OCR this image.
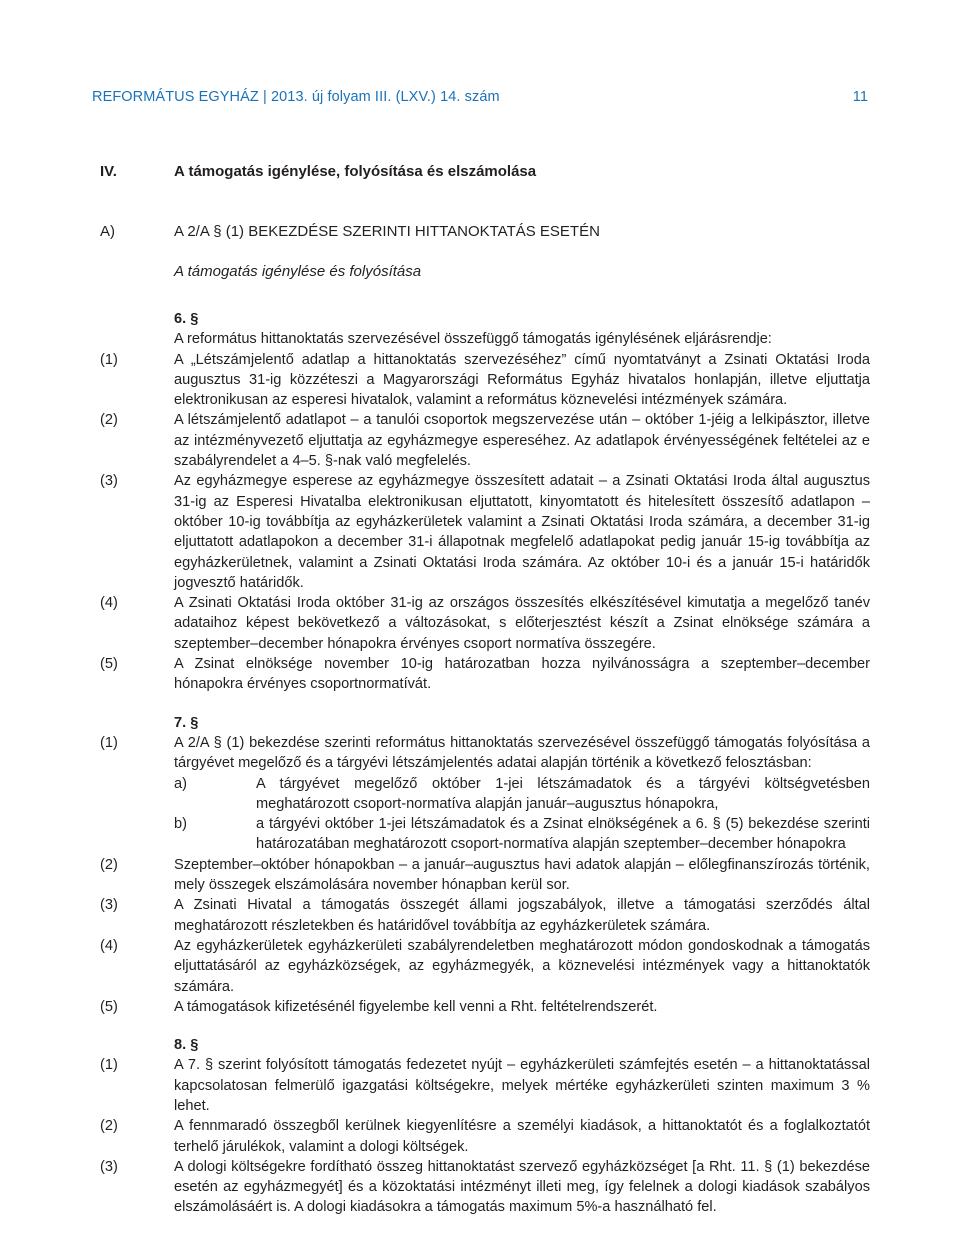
REFORMÁTUS EGYHÁZ | 2013. új folyam III. (LXV.) 14. szám	11
IV.	A támogatás igénylése, folyósítása és elszámolása
A)	A 2/A § (1) BEKEZDÉSE SZERINTI HITTANOKTATÁS ESETÉN
A támogatás igénylése és folyósítása
6. §
A református hittanoktatás szervezésével összefüggő támogatás igénylésének eljárásrendje:
(1)	A „Létszámjelentő adatlap a hittanoktatás szervezéséhez” című nyomtatványt a Zsinati Oktatási Iroda augusztus 31-ig közzéteszi a Magyarországi Református Egyház hivatalos honlapján, illetve eljuttatja elektronikusan az esperesi hivatalok, valamint a református köznevelési intézmények számára.
(2)	A létszámjelentő adatlapot – a tanulói csoportok megszervezése után – október 1-jéig a lelkipásztor, illetve az intézményvezető eljuttatja az egyházmegye espereséhez. Az adatlapok érvényességének feltételei az e szabályrendelet a 4–5. §-nak való megfelelés.
(3)	Az egyházmegye esperese az egyházmegye összesített adatait – a Zsinati Oktatási Iroda által augusztus 31-ig az Esperesi Hivatalba elektronikusan eljuttatott, kinyomtatott és hitelesített összesítő adatlapon – október 10-ig továbbítja az egyházkerületek valamint a Zsinati Oktatási Iroda számára, a december 31-ig eljuttatott adatlapokon a december 31-i állapotnak megfelelő adatlapokat pedig január 15-ig továbbítja az egyházkerületnek, valamint a Zsinati Oktatási Iroda számára. Az október 10-i és a január 15-i határidők jogvesztő határidők.
(4)	A Zsinati Oktatási Iroda október 31-ig az országos összesítés elkészítésével kimutatja a megelőző tanév adataihoz képest bekövetkező a változásokat, s előterjesztést készít a Zsinat elnöksége számára a szeptember–december hónapokra érvényes csoport normatíva összegére.
(5)	A Zsinat elnöksége november 10-ig határozatban hozza nyilvánosságra a szeptember–december hónapokra érvényes csoportnormatívát.
7. §
(1)	A 2/A § (1) bekezdése szerinti református hittanoktatás szervezésével összefüggő támogatás folyósítása a tárgyévet megelőző és a tárgyévi létszámjelentés adatai alapján történik a következő felosztásban:
a)	A tárgyévet megelőző október 1-jei létszámadatok és a tárgyévi költségvetésben meghatározott csoport-normatíva alapján január–augusztus hónapokra,
b)	a tárgyévi október 1-jei létszámadatok és a Zsinat elnökségének a 6. § (5) bekezdése szerinti határozatában meghatározott csoport-normatíva alapján szeptember–december hónapokra
(2)	Szeptember–október hónapokban – a január–augusztus havi adatok alapján – előlegfinanszírozás történik, mely összegek elszámolására november hónapban kerül sor.
(3)	A Zsinati Hivatal a támogatás összegét állami jogszabályok, illetve a támogatási szerződés által meghatározott részletekben és határidővel továbbítja az egyházkerületek számára.
(4)	Az egyházkerületek egyházkerületi szabályrendeletben meghatározott módon gondoskodnak a támogatás eljuttatásáról az egyházközségek, az egyházmegyék, a köznevelési intézmények vagy a hittanoktatók számára.
(5)	A támogatások kifizetésénél figyelembe kell venni a Rht. feltételrendszerét.
8. §
(1)	A 7. § szerint folyósított támogatás fedezetet nyújt – egyházkerületi számfejtés esetén – a hittanoktatással kapcsolatosan felmerülő igazgatási költségekre, melyek mértéke egyházkerületi szinten maximum 3 % lehet.
(2)	A fennmaradó összegből kerülnek kiegyenlítésre a személyi kiadások, a hittanoktatót és a foglalkoztatót terhelő járulékok, valamint a dologi költségek.
(3)	A dologi költségekre fordítható összeg hittanoktatást szervező egyházközséget [a Rht. 11. § (1) bekezdése esetén az egyházmegyét] és a közoktatási intézményt illeti meg, így felelnek a dologi kiadások szabályos elszámolásáért is. A dologi kiadásokra a támogatás maximum 5%-a használható fel.
